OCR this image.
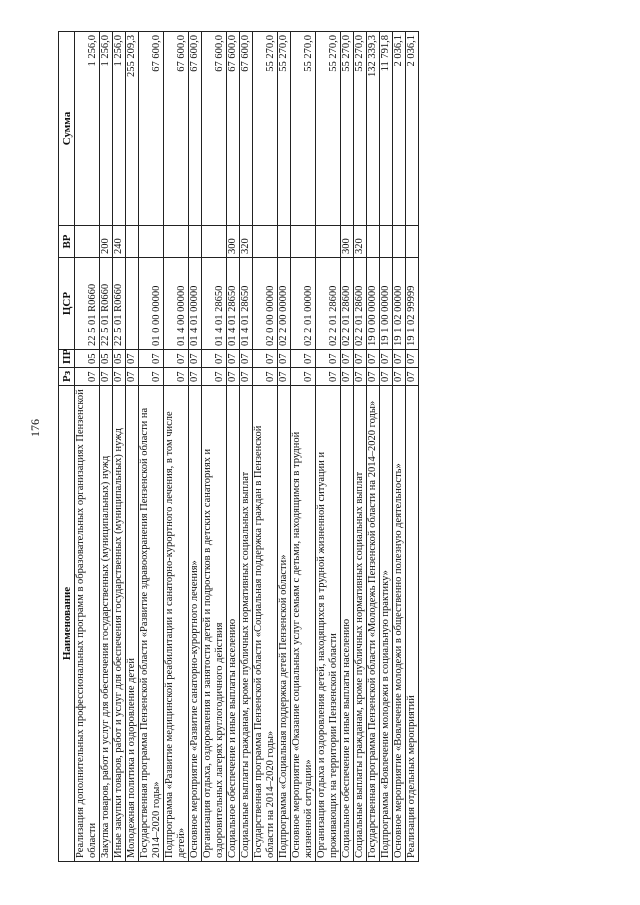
176
Наименование	Рз	ПР	ЦСР	ВР	Сумма
Реализация дополнительных профессиональных программ в образовательных организациях Пензенской области	07	05	22 5 01 R0660		1 256,0
Закупка товаров, работ и услуг для обеспечения государственных (муниципальных) нужд	07	05	22 5 01 R0660	200	1 256,0
Иные закупки товаров, работ и услуг для обеспечения государственных (муниципальных) нужд	07	05	22 5 01 R0660	240	1 256,0
Молодежная политика и оздоровление детей	07	07			255 209,3
Государственная программа Пензенской области «Развитие здравоохранения Пензенской области на 2014–2020 годы»	07	07	01 0 00 00000		67 600,0
Подпрограмма «Развитие медицинской реабилитации и санаторно-курортного лечения, в том числе детей»	07	07	01 4 00 00000		67 600,0
Основное мероприятие «Развитие санаторно-курортного лечения»	07	07	01 4 01 00000		67 600,0
Организация отдыха, оздоровления и занятости детей и подростков в детских санаториях и оздоровительных лагерях круглогодичного действия	07	07	01 4 01 28650		67 600,0
Социальное обеспечение и иные выплаты населению	07	07	01 4 01 28650	300	67 600,0
Социальные выплаты гражданам, кроме публичных нормативных социальных выплат	07	07	01 4 01 28650	320	67 600,0
Государственная программа Пензенской области «Социальная поддержка граждан в Пензенской области на 2014–2020 годы»	07	07	02 0 00 00000		55 270,0
Подпрограмма «Социальная поддержка детей Пензенской области»	07	07	02 2 00 00000		55 270,0
Основное мероприятие «Оказание социальных услуг семьям с детьми, находящимся в трудной жизненной ситуации»	07	07	02 2 01 00000		55 270,0
Организация отдыха и оздоровления детей, находящихся в трудной жизненной ситуации и проживающих на территории Пензенской области	07	07	02 2 01 28600		55 270,0
Социальное обеспечение и иные выплаты населению	07	07	02 2 01 28600	300	55 270,0
Социальные выплаты гражданам, кроме публичных нормативных социальных выплат	07	07	02 2 01 28600	320	55 270,0
Государственная программа Пензенской области «Молодежь Пензенской области на 2014–2020 годы»	07	07	19 0 00 00000		132 339,3
Подпрограмма «Вовлечение молодежи в социальную практику»	07	07	19 1 00 00000		11 791,8
Основное мероприятие «Вовлечение молодежи в общественно полезную деятельность»	07	07	19 1 02 00000		2 036,1
Реализация отдельных мероприятий	07	07	19 1 02 99999		2 036,1
